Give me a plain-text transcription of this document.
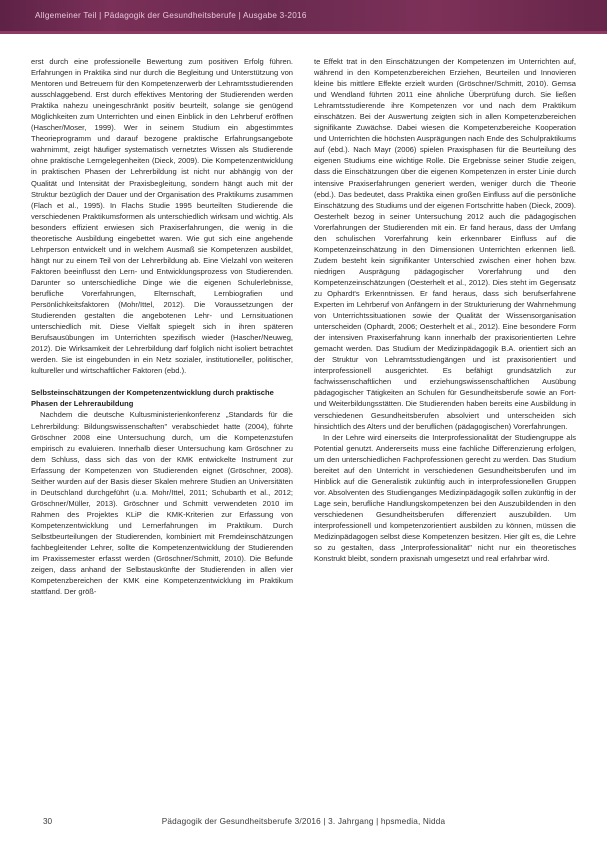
Allgemeiner Teil | Pädagogik der Gesundheitsberufe | Ausgabe 3-2016

erst durch eine professionelle Bewertung zum positiven Erfolg führen. Erfahrungen in Praktika sind nur durch die Begleitung und Unterstützung von Mentoren und Betreuern für den Kompetenzerwerb der Lehramtsstudierenden ausschlaggebend. Erst durch effektives Mentoring der Studierenden werden Praktika nahezu uneingeschränkt positiv beurteilt, solange sie genügend Möglichkeiten zum Unterrichten und einen Einblick in den Lehrberuf eröffnen (Hascher/Moser, 1999). Wer in seinem Studium ein abgestimmtes Theorieprogramm und darauf bezogene praktische Erfahrungsangebote wahrnimmt, zeigt häufiger systematisch vernetztes Wissen als Studierende ohne praktische Lerngelegenheiten (Dieck, 2009). Die Kompetenzentwicklung in praktischen Phasen der Lehrerbildung ist nicht nur abhängig von der Qualität und Intensität der Praxisbegleitung, sondern hängt auch mit der Struktur bezüglich der Dauer und der Organisation des Praktikums zusammen (Flach et al., 1995). In Flachs Studie 1995 beurteilten Studierende die verschiedenen Praktikumsformen als unterschiedlich wirksam und wichtig. Als besonders effizient erwiesen sich Praxiserfahrungen, die wenig in die theoretische Ausbildung eingebettet waren. Wie gut sich eine angehende Lehrperson entwickelt und in welchem Ausmaß sie Kompetenzen ausbildet, hängt nur zu einem Teil von der Lehrerbildung ab. Eine Vielzahl von weiteren Faktoren beeinflusst den Lern- und Entwicklungsprozess von Studierenden. Darunter so unterschiedliche Dinge wie die eigenen Schulerlebnisse, berufliche Vorerfahrungen, Elternschaft, Lernbiografien und Persönlichkeitsfaktoren (Mohr/Ittel, 2012). Die Voraussetzungen der Studierenden gestalten die angebotenen Lehr- und Lernsituationen unterschiedlich mit. Diese Vielfalt spiegelt sich in ihren späteren Berufsausübungen im Unterrichten spezifisch wieder (Hascher/Neuweg, 2012). Die Wirksamkeit der Lehrerbildung darf folglich nicht isoliert betrachtet werden. Sie ist eingebunden in ein Netz sozialer, institutioneller, politischer, kultureller und wirtschaftlicher Faktoren (ebd.).

Selbsteinschätzungen der Kompetenzentwicklung durch praktische Phasen der Lehreraubildung

Nachdem die deutsche Kultusministerienkonferenz „Standards für die Lehrerbildung: Bildungswissenschaften" verabschiedet hatte (2004), führte Gröschner 2008 eine Untersuchung durch, um die Kompetenzstufen empirisch zu evaluieren. Innerhalb dieser Untersuchung kam Gröschner zu dem Schluss, dass sich das von der KMK entwickelte Instrument zur Erfassung der Kompetenzen von Studierenden eignet (Gröschner, 2008). Seither wurden auf der Basis dieser Skalen mehrere Studien an Universitäten in Deutschland durchgeführt (u.a. Mohr/Ittel, 2011; Schubarth et al., 2012; Gröschner/Müller, 2013). Gröschner und Schmitt verwendeten 2010 im Rahmen des Projektes KLiP die KMK-Kriterien zur Erfassung von Kompetenzentwicklung und Lernerfahrungen im Praktikum. Durch Selbstbeurteilungen der Studierenden, kombiniert mit Fremdeinschätzungen fachbegleitender Lehrer, sollte die Kompetenzentwicklung der Studierenden im Praxissemester erfasst werden (Gröschner/Schmitt, 2010). Die Befunde zeigen, dass anhand der Selbstauskünfte der Studierenden in allen vier Kompetenzbereichen der KMK eine Kompetenzentwicklung im Praktikum stattfand. Der größ-

te Effekt trat in den Einschätzungen der Kompetenzen im Unterrichten auf, während in den Kompetenzbereichen Erziehen, Beurteilen und Innovieren kleine bis mittlere Effekte erzielt wurden (Gröschner/Schmitt, 2010). Gemsa und Wendland führten 2011 eine ähnliche Überprüfung durch. Sie ließen Lehramtsstudierende ihre Kompetenzen vor und nach dem Praktikum einschätzen. Bei der Auswertung zeigten sich in allen Kompetenzbereichen signifikante Zuwächse. Dabei wiesen die Kompetenzbereiche Kooperation und Unterrichten die höchsten Ausprägungen nach Ende des Schulpraktikums auf (ebd.). Nach Mayr (2006) spielen Praxisphasen für die Beurteilung des eigenen Studiums eine wichtige Rolle. Die Ergebnisse seiner Studie zeigen, dass die Einschätzungen über die eigenen Kompetenzen in erster Linie durch intensive Praxiserfahrungen generiert werden, weniger durch die Theorie (ebd.). Das bedeutet, dass Praktika einen großen Einfluss auf die persönliche Einschätzung des Studiums und der eigenen Fortschritte haben (Dieck, 2009). Oesterhelt bezog in seiner Untersuchung 2012 auch die pädagogischen Vorerfahrungen der Studierenden mit ein. Er fand heraus, dass der Umfang den schulischen Vorerfahrung kein erkennbarer Einfluss auf die Kompetenzeinschätzung in den Dimensionen Unterrichten erkennen ließ. Zudem besteht kein signifikanter Unterschied zwischen einer hohen bzw. niedrigen Ausprägung pädagogischer Vorerfahrung und den Kompetenzeinschätzungen (Oesterhelt et al., 2012). Dies steht im Gegensatz zu Ophardt's Erkenntnissen. Er fand heraus, dass sich berufserfahrene Experten im Lehrberuf von Anfängern in der Strukturierung der Wahrnehmung von Unterrichtssituationen sowie der Qualität der Wissensorganisation unterscheiden (Ophardt, 2006; Oesterhelt et al., 2012). Eine besondere Form der intensiven Praxiserfahrung kann innerhalb der praxisorientierten Lehre gemacht werden. Das Studium der Medizinpädagogik B.A. orientiert sich an der Struktur von Lehramtsstudiengängen und ist praxisorientiert und interprofessionell ausgerichtet. Es befähigt grundsätzlich zur fachwissenschaftlichen und erziehungswissenschaftlichen Ausübung pädagogischer Tätigkeiten an Schulen für Gesundheitsberufe sowie an Fort- und Weiterbildungsstätten. Die Studierenden haben bereits eine Ausbildung in verschiedenen Gesundheitsberufen absolviert und unterscheiden sich hinsichtlich des Alters und der beruflichen (pädagogischen) Vorerfahrungen.

In der Lehre wird einerseits die Interprofessionalität der Studiengruppe als Potential genutzt. Andererseits muss eine fachliche Differenzierung erfolgen, um den unterschiedlichen Fachprofessionen gerecht zu werden. Das Studium bereitet auf den Unterricht in verschiedenen Gesundheitsberufen und im Hinblick auf die Generalistik zukünftig auch in interprofessionellen Gruppen vor. Absolventen des Studienganges Medizinpädagogik sollen zukünftig in der Lage sein, berufliche Handlungskompetenzen bei den Auszubildenden in den verschiedenen Gesundheitsberufen differenziert auszubilden. Um interprofessionell und kompetenzorientiert ausbilden zu können, müssen die Medizinpädagogen selbst diese Kompetenzen besitzen. Hier gilt es, die Lehre so zu gestalten, dass „Interprofessionalität" nicht nur ein theoretisches Konstrukt bleibt, sondern praxisnah umgesetzt und real erfahrbar wird.

30	Pädagogik der Gesundheitsberufe 3/2016 | 3. Jahrgang | hpsmedia, Nidda
